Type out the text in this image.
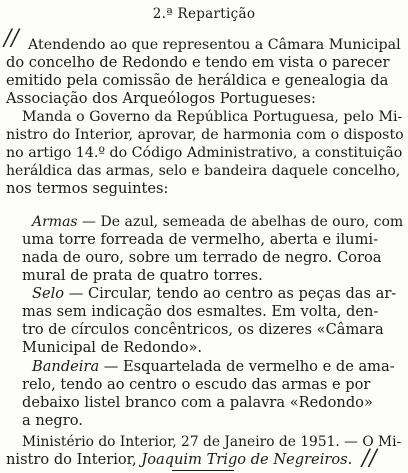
2.ª Repartição
// Atendendo ao que representou a Câmara Municipal
do concelho de Redondo e tendo em vista o parecer
emitido pela comissão de heráldica e genealogia da
Associação dos Arqueólogos Portugueses:
Manda o Governo da República Portuguesa, pelo Mi-
nistro do Interior, aprovar, de harmonia com o disposto
no artigo 14.º do Código Administrativo, a constituição
heráldica das armas, selo e bandeira daquele concelho,
nos termos seguintes:
Armas — De azul, semeada de abelhas de ouro, com
uma torre forreada de vermelho, aberta e ilumi-
nada de ouro, sobre um terrado de negro. Coroa
mural de prata de quatro torres.
Selo — Circular, tendo ao centro as peças das ar-
mas sem indicação dos esmaltes. Em volta, den-
tro de círculos concêntricos, os dizeres «Câmara
Municipal de Redondo».
Bandeira — Esquartelada de vermelho e de ama-
relo, tendo ao centro o escudo das armas e por
debaixo listel branco com a palavra «Redondo»
a negro.
Ministério do Interior, 27 de Janeiro de 1951. — O Mi-
nistro do Interior, Joaquim Trigo de Negreiros. //
